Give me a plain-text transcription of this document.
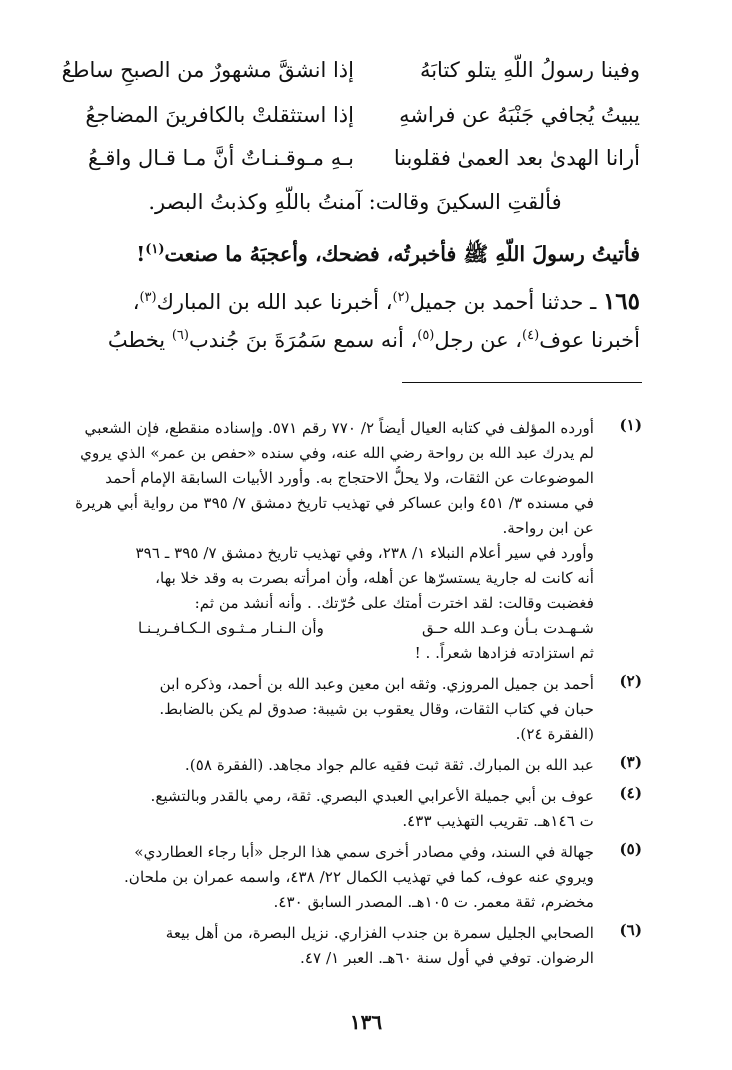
وفينا رسولُ اللّهِ يتلو كتابَهُ
إذا انشقَّ مشهورٌ من الصبحِ ساطعُ
يبيتُ يُجافي جَنْبَهُ عن فراشهِ
إذا استثقلتْ بالكافرينَ المضاجعُ
أرانا الهدىٰ بعد العمىٰ فقلوبنا
بـهِ مـوقـنـاتٌ أنَّ مـا قـال واقـعُ
فألقتِ السكينَ وقالت: آمنتُ باللّهِ وكذبتُ البصر.
فأتيتُ رسولَ اللّهِ ﷺ فأخبرتُه، فضحك، وأعجبَهُ ما صنعت$^{(١)}$!
١٦٥ ـ حدثنا أحمد بن جميل$^{(٢)}$، أخبرنا عبد الله بن المبارك$^{(٣)}$،
أخبرنا عوف$^{(٤)}$، عن رجل$^{(٥)}$، أنه سمع سَمُرَةَ بنَ جُندب$^{(٦)}$ يخطبُ
(١)
أورده المؤلف في كتابه العيال أيضاً ٢/ ٧٧٠ رقم ٥٧١. وإسناده منقطع، فإن الشعبي
لم يدرك عبد الله بن رواحة رضي الله عنه، وفي سنده «حفص بن عمر» الذي يروي
الموضوعات عن الثقات، ولا يحلُّ الاحتجاج به. وأورد الأبيات السابقة الإمام أحمد
في مسنده ٣/ ٤٥١ وابن عساكر في تهذيب تاريخ دمشق ٧/ ٣٩٥ من رواية أبي هريرة
عن ابن رواحة.
وأورد في سير أعلام النبلاء ١/ ٢٣٨، وفي تهذيب تاريخ دمشق ٧/ ٣٩٥ ـ ٣٩٦
أنه كانت له جارية يستسرّها عن أهله، وأن امرأته بصرت به وقد خلا بها،
فغضبت وقالت: لقد اخترت أمتك على حُرّتك. . وأنه أنشد من ثم:
شـهـدت بـأن وعـد الله حـق
وأن الـنـار مـثـوى الـكـافـريـنـا
ثم استزادته فزادها شعراً. . !
(٢)
أحمد بن جميل المروزي. وثقه ابن معين وعبد الله بن أحمد، وذكره ابن
حبان في كتاب الثقات، وقال يعقوب بن شيبة: صدوق لم يكن بالضابط.
(الفقرة ٢٤).
(٣)
عبد الله بن المبارك. ثقة ثبت فقيه عالم جواد مجاهد. (الفقرة ٥٨).
(٤)
عوف بن أبي جميلة الأعرابي العبدي البصري. ثقة، رمي بالقدر وبالتشيع.
ت ١٤٦هـ. تقريب التهذيب ٤٣٣.
(٥)
جهالة في السند، وفي مصادر أخرى سمي هذا الرجل «أبا رجاء العطاردي»
ويروي عنه عوف، كما في تهذيب الكمال ٢٢/ ٤٣٨، واسمه عمران بن ملحان.
مخضرم، ثقة معمر. ت ١٠٥هـ. المصدر السابق ٤٣٠.
(٦)
الصحابي الجليل سمرة بن جندب الفزاري. نزيل البصرة، من أهل بيعة
الرضوان. توفي في أول سنة ٦٠هـ. العبر ١/ ٤٧.
١٣٦
